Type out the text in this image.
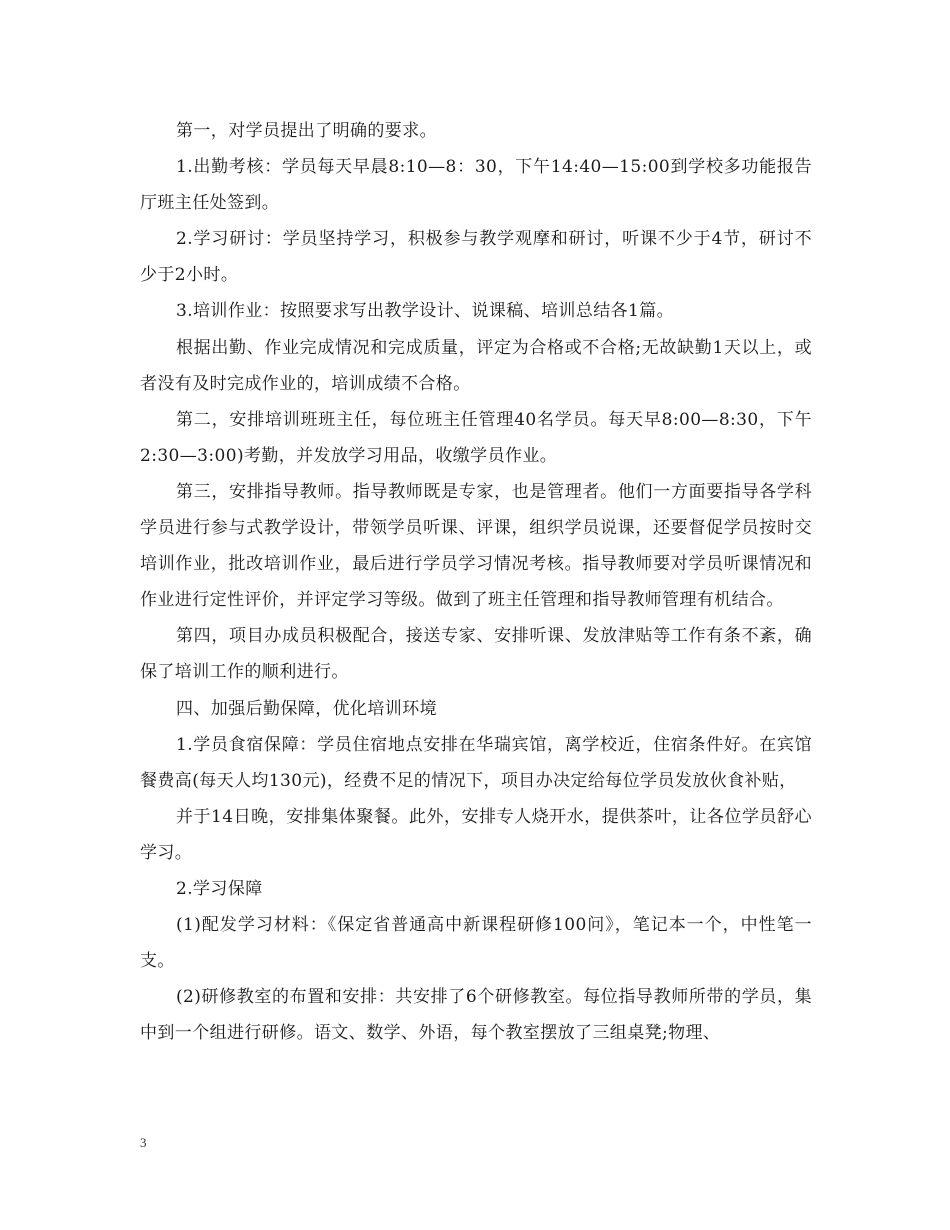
第一，对学员提出了明确的要求。

1.出勤考核：学员每天早晨8:10—8：30，下午14:40—15:00到学校多功能报告厅班主任处签到。

2.学习研讨：学员坚持学习，积极参与教学观摩和研讨，听课不少于4节，研讨不少于2小时。

3.培训作业：按照要求写出教学设计、说课稿、培训总结各1篇。

根据出勤、作业完成情况和完成质量，评定为合格或不合格;无故缺勤1天以上，或者没有及时完成作业的，培训成绩不合格。

第二，安排培训班班主任，每位班主任管理40名学员。每天早8:00—8:30，下午2:30—3:00)考勤，并发放学习用品，收缴学员作业。

第三，安排指导教师。指导教师既是专家，也是管理者。他们一方面要指导各学科学员进行参与式教学设计，带领学员听课、评课，组织学员说课，还要督促学员按时交培训作业，批改培训作业，最后进行学员学习情况考核。指导教师要对学员听课情况和作业进行定性评价，并评定学习等级。做到了班主任管理和指导教师管理有机结合。

第四，项目办成员积极配合，接送专家、安排听课、发放津贴等工作有条不紊，确保了培训工作的顺利进行。

四、加强后勤保障，优化培训环境

1.学员食宿保障：学员住宿地点安排在华瑞宾馆，离学校近，住宿条件好。在宾馆餐费高(每天人均130元)，经费不足的情况下，项目办决定给每位学员发放伙食补贴，

并于14日晚，安排集体聚餐。此外，安排专人烧开水，提供茶叶，让各位学员舒心学习。

2.学习保障

(1)配发学习材料：《保定省普通高中新课程研修100问》，笔记本一个，中性笔一支。

(2)研修教室的布置和安排：共安排了6个研修教室。每位指导教师所带的学员，集中到一个组进行研修。语文、数学、外语，每个教室摆放了三组桌凳;物理、

3
